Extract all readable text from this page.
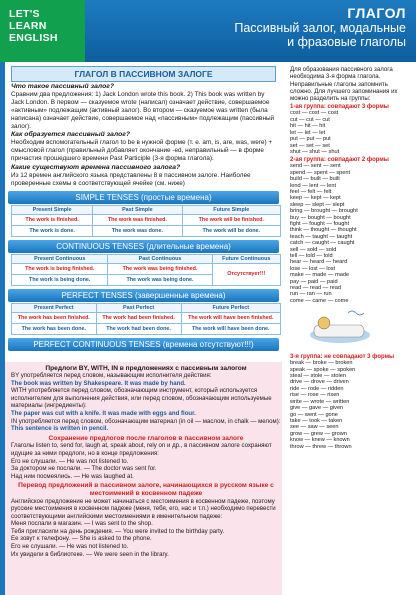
LET'S
LEARN
ENGLISH
ГЛАГОЛ
Пассивный залог, модальные
и фразовые глаголы
ГЛАГОЛ В ПАССИВНОМ ЗАЛОГЕ
Что такое пассивный залог?
Сравним два предложения: 1) Jack London wrote this book. 2) This book was written by Jack London. В первом — сказуемое wrote (написал) означает действие, совершаемое «активным» подлежащим (активный залог). Во втором — сказуемое was written (была написана) означает действие, совершаемое над «пассивным» подлежащим (пассивный залог).
Как образуется пассивный залог?
Необходим вспомогательный глагол to be в нужной форме (т. е. am, is, are, was, were) + смысловой глагол (правильный добавляет окончание -ed, неправильный — в форме причастия прошедшего времени Past Participle (3-я форма глагола).
Какие существуют времена пассивного залога?
Из 12 времен английского языка представлены 8 в пассивном залоге. Наиболее проверенные схемы в соответствующей ячейке (см. ниже)
SIMPLE TENSES (простые времена)
Present Simple	Past Simple	Future Simple
The work is finished.	The work was finished.	The work will be finished.
The work is done.	The work was done.	The work will be done.
CONTINUOUS TENSES (длительные времена)
Present Continuous	Past Continuous	Future Continuous
The work is being finished.	The work was being finished.	Отсутствует!!!
The work is being done.	The work was being done.	
PERFECT TENSES (завершенные времена)
Present Perfect	Past Perfect	Future Perfect
The work has been finished.	The work had been finished.	The work will have been finished.
The work has been done.	The work had been done.	The work will have been done.
PERFECT CONTINUOUS TENSES (времена отсутствуют!!!)
Предлоги BY, WITH, IN в предложениях с пассивным залогом
BY употребляется перед словом, называющим исполнителя действия:
The book was written by Shakespeare. It was made by hand.
WITH употребляется перед словом, обозначающим инструмент, который используется исполнителем для выполнения действия, или перед словом, обозначающим используемые материалы (ингредиенты):
The paper was cut with a knife. It was made with eggs and flour.
IN употребляется перед словом, обозначающим материал (in oil — маслом, in chalk — мелом):
This sentence is written in pencil.
Сохранение предлогов после глаголов в пассивном залоге
Глаголы listen to, send for, laugh at, speak about, rely on и др., в пассивном залоге сохраняют идущие за ними предлоги, но в конце предложения:
Его не слушали. — He was not listened to.
За доктором не послали. — The doctor was sent for.
Над ним посмеялись. — He was laughed at.
Перевод предложений в пассивном залоге, начинающихся в русском языке с местоимений в косвенном падеже
Английское предложение не может начинаться с местоимения в косвенном падеже, поэтому русские местоимения в косвенном падеже (меня, тебя, его, нас и т.п.) необходимо перевести соответствующими английскими местоимениями в именительном падеже:
Меня послали в магазин. — I was sent to the shop.
Тебя пригласили на день рождения. — You were invited to the birthday party.
Ее зовут к телефону. — She is asked to the phone.
Его не слушали. — He was not listened to.
Их увидели в библиотеке. — We were seen in the library.
Для образования пассивного залога необходима 3-я форма глагола. Неправильные глаголы запомнить сложно. Для лучшего запоминания их можно разделить на группы:
1-ая группа: совпадают 3 формы
cost — cost — cost
cut — cut — cut
hit — hit — hit
let — let — let
put — put — put
set — set — set
shut — shut — shut
2-ая группа: совпадают 2 формы
send — sent — sent
spend — spent — spent
build — built — built
lend — lent — lent
feel — felt — felt
keep — kept — kept
sleep — slept — slept
bring — brought — brought
buy — bought — bought
fight — fought — fought
think — thought — thought
teach — taught — taught
catch — caught — caught
sell — sold — sold
tell — told — told
hear — heard — heard
lose — lost — lost
make — made — made
pay — paid — paid
read — read — read
run — ran — run
come — came — come
3-я группа: не совпадают 3 формы
break — broke — broken
speak — spoke — spoken
steal — stole — stolen
drive — drove — driven
ride — rode — ridden
rise — rose — risen
write — wrote — written
give — gave — given
go — went — gone
take — took — taken
see — saw — seen
grow — grew — grown
know — knew — known
throw — threw — thrown
